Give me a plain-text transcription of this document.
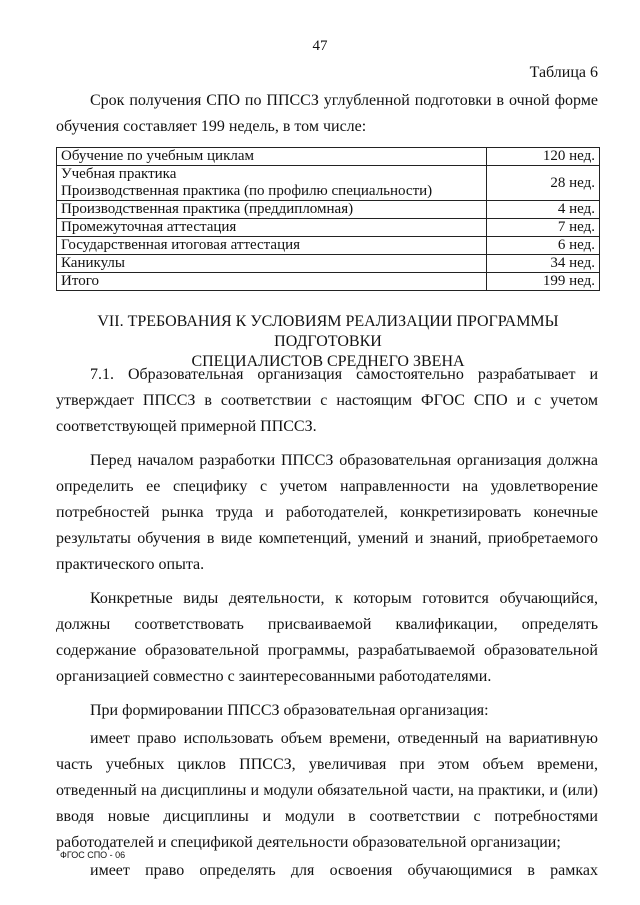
47
Таблица 6

Срок получения СПО по ППССЗ углубленной подготовки в очной форме обучения составляет 199 недель, в том числе:

Обучение по учебным циклам	120 нед.

Учебная практика
Производственная практика (по профилю специальности)	28 нед.
Производственная практика (преддипломная)	4 нед.
Промежуточная аттестация	7 нед.
Государственная итоговая аттестация	6 нед.
Каникулы	34 нед.
Итого	199 нед.
VII. ТРЕБОВАНИЯ К УСЛОВИЯМ РЕАЛИЗАЦИИ ПРОГРАММЫ ПОДГОТОВКИ
СПЕЦИАЛИСТОВ СРЕДНЕГО ЗВЕНА

7.1. Образовательная организация самостоятельно разрабатывает и утверждает ППССЗ в соответствии с настоящим ФГОС СПО и с учетом соответствующей примерной ППССЗ.

Перед началом разработки ППССЗ образовательная организация должна определить ее специфику с учетом направленности на удовлетворение потребностей рынка труда и работодателей, конкретизировать конечные результаты обучения в виде компетенций, умений и знаний, приобретаемого практического опыта.

Конкретные виды деятельности, к которым готовится обучающийся, должны соответствовать присваиваемой квалификации, определять содержание образовательной программы, разрабатываемой образовательной организацией совместно с заинтересованными работодателями.

При формировании ППССЗ образовательная организация:

имеет право использовать объем времени, отведенный на вариативную часть учебных циклов ППССЗ, увеличивая при этом объем времени, отведенный на дисциплины и модули обязательной части, на практики, и (или) вводя новые дисциплины и модули в соответствии с потребностями работодателей и спецификой деятельности образовательной организации;

имеет право определять для освоения обучающимися в рамках

ФГОС СПО - 06
